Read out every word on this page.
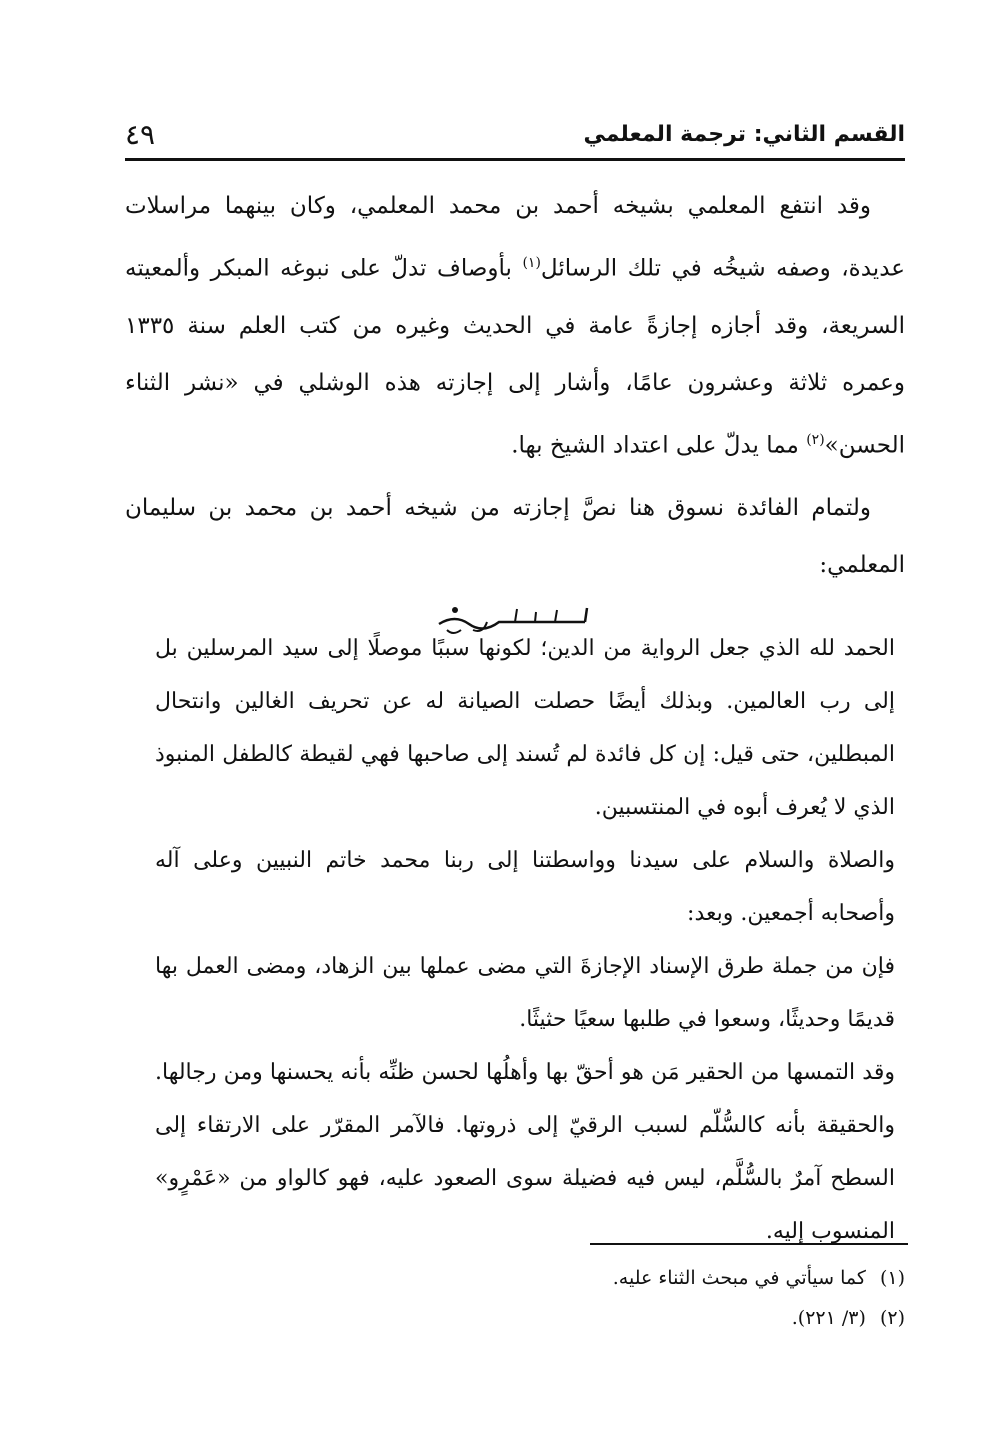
القسم الثاني: ترجمة المعلمي
٤٩

وقد انتفع المعلمي بشيخه أحمد بن محمد المعلمي، وكان بينهما مراسلات عديدة، وصفه شيخُه في تلك الرسائل$^{(١)}$ بأوصاف تدلّ على نبوغه المبكر وألمعيته السريعة، وقد أجازه إجازةً عامة في الحديث وغيره من كتب العلم سنة ١٣٣٥ وعمره ثلاثة وعشرون عامًا، وأشار إلى إجازته هذه الوشلي في «نشر الثناء الحسن»$^{(٢)}$ مما يدلّ على اعتداد الشيخ بها.

ولتمام الفائدة نسوق هنا نصَّ إجازته من شيخه أحمد بن محمد بن سليمان المعلمي:

الحمد لله الذي جعل الرواية من الدين؛ لكونها سببًا موصلًا إلى سيد المرسلين بل إلى رب العالمين. وبذلك أيضًا حصلت الصيانة له عن تحريف الغالين وانتحال المبطلين، حتى قيل: إن كل فائدة لم تُسند إلى صاحبها فهي لقيطة كالطفل المنبوذ الذي لا يُعرف أبوه في المنتسبين.

والصلاة والسلام على سيدنا وواسطتنا إلى ربنا محمد خاتم النبيين وعلى آله وأصحابه أجمعين. وبعد:

فإن من جملة طرق الإسناد الإجازةَ التي مضى عملها بين الزهاد، ومضى العمل بها قديمًا وحديثًا، وسعوا في طلبها سعيًا حثيثًا.

وقد التمسها من الحقير مَن هو أحقّ بها وأهلُها لحسن ظنِّه بأنه يحسنها ومن رجالها. والحقيقة بأنه كالسُّلّم لسبب الرقيّ إلى ذروتها. فالآمر المقرّر على الارتقاء إلى السطح آمرٌ بالسُّلَّم، ليس فيه فضيلة سوى الصعود عليه، فهو كالواو من «عَمْرٍو» المنسوب إليه.

(١)كما سيأتي في مبحث الثناء عليه.

(٢)(٣/ ٢٢١).
